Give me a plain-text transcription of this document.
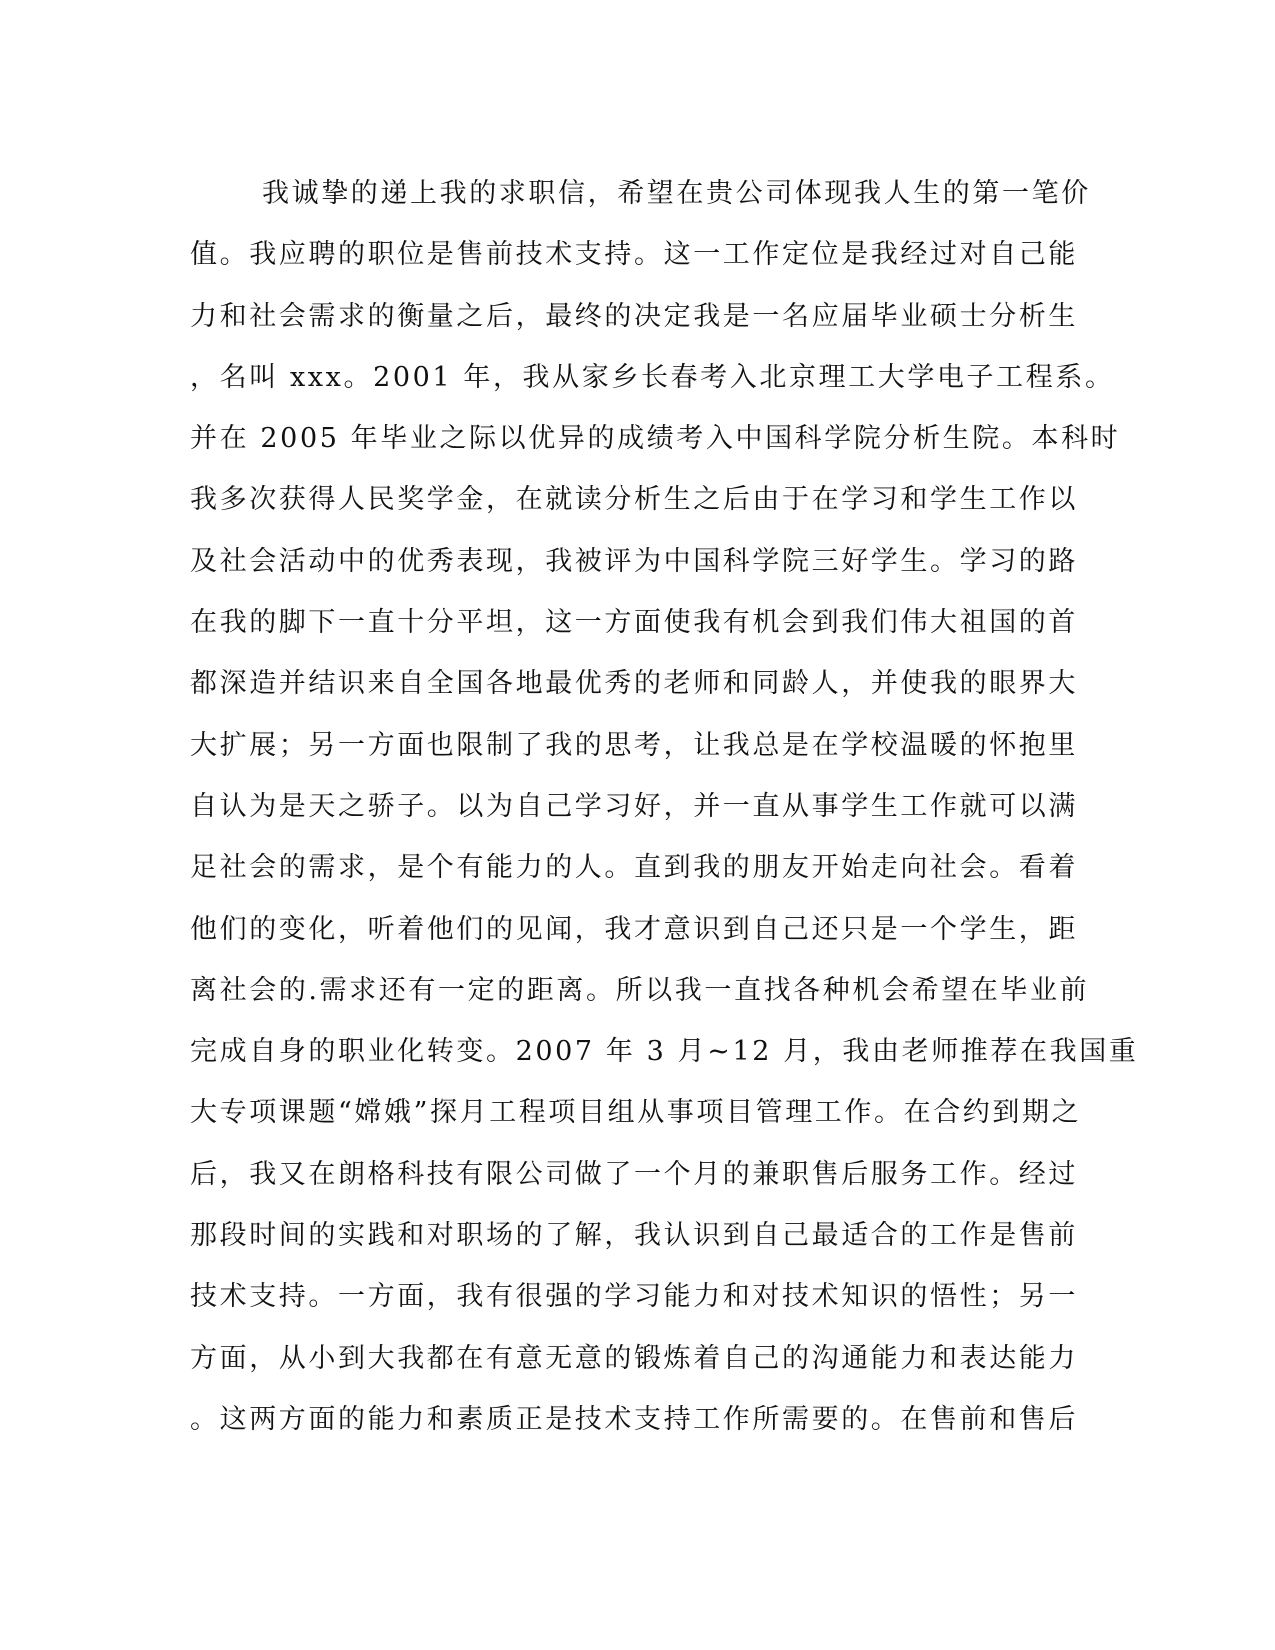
我诚挚的递上我的求职信，希望在贵公司体现我人生的第一笔价
值。我应聘的职位是售前技术支持。这一工作定位是我经过对自己能
力和社会需求的衡量之后，最终的决定我是一名应届毕业硕士分析生
，名叫 xxx。2001 年，我从家乡长春考入北京理工大学电子工程系。
并在 2005 年毕业之际以优异的成绩考入中国科学院分析生院。本科时
我多次获得人民奖学金，在就读分析生之后由于在学习和学生工作以
及社会活动中的优秀表现，我被评为中国科学院三好学生。学习的路
在我的脚下一直十分平坦，这一方面使我有机会到我们伟大祖国的首
都深造并结识来自全国各地最优秀的老师和同龄人，并使我的眼界大
大扩展；另一方面也限制了我的思考，让我总是在学校温暖的怀抱里
自认为是天之骄子。以为自己学习好，并一直从事学生工作就可以满
足社会的需求，是个有能力的人。直到我的朋友开始走向社会。看着
他们的变化，听着他们的见闻，我才意识到自己还只是一个学生，距
离社会的.需求还有一定的距离。所以我一直找各种机会希望在毕业前
完成自身的职业化转变。2007 年 3 月~12 月，我由老师推荐在我国重
大专项课题“嫦娥”探月工程项目组从事项目管理工作。在合约到期之
后，我又在朗格科技有限公司做了一个月的兼职售后服务工作。经过
那段时间的实践和对职场的了解，我认识到自己最适合的工作是售前
技术支持。一方面，我有很强的学习能力和对技术知识的悟性；另一
方面，从小到大我都在有意无意的锻炼着自己的沟通能力和表达能力
。这两方面的能力和素质正是技术支持工作所需要的。在售前和售后
